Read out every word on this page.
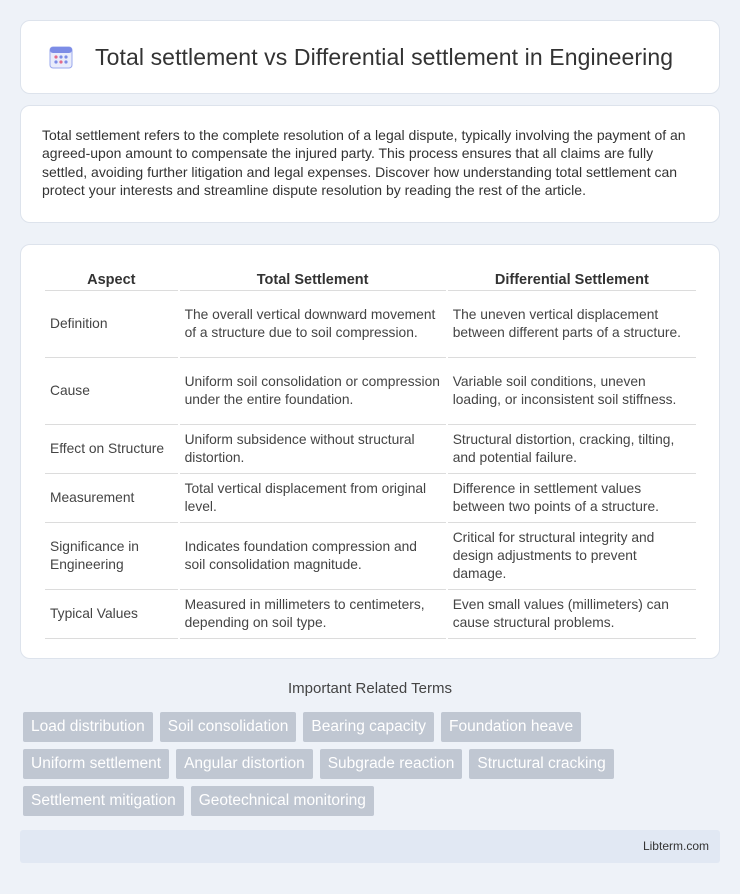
Total settlement vs Differential settlement in Engineering

Total settlement refers to the complete resolution of a legal dispute, typically involving the payment of an agreed-upon amount to compensate the injured party. This process ensures that all claims are fully settled, avoiding further litigation and legal expenses. Discover how understanding total settlement can protect your interests and streamline dispute resolution by reading the rest of the article.

Aspect	Total Settlement	Differential Settlement
Definition	The overall vertical downward movement of a structure due to soil compression.	The uneven vertical displacement between different parts of a structure.
Cause	Uniform soil consolidation or compression under the entire foundation.	Variable soil conditions, uneven loading, or inconsistent soil stiffness.
Effect on Structure	Uniform subsidence without structural distortion.	Structural distortion, cracking, tilting, and potential failure.
Measurement	Total vertical displacement from original level.	Difference in settlement values between two points of a structure.
Significance in Engineering	Indicates foundation compression and soil consolidation magnitude.	Critical for structural integrity and design adjustments to prevent damage.
Typical Values	Measured in millimeters to centimeters, depending on soil type.	Even small values (millimeters) can cause structural problems.
Important Related Terms
Load distribution	Soil consolidation	Bearing capacity	Foundation heave
Uniform settlement	Angular distortion	Subgrade reaction	Structural cracking
Settlement mitigation	Geotechnical monitoring
Libterm.com
